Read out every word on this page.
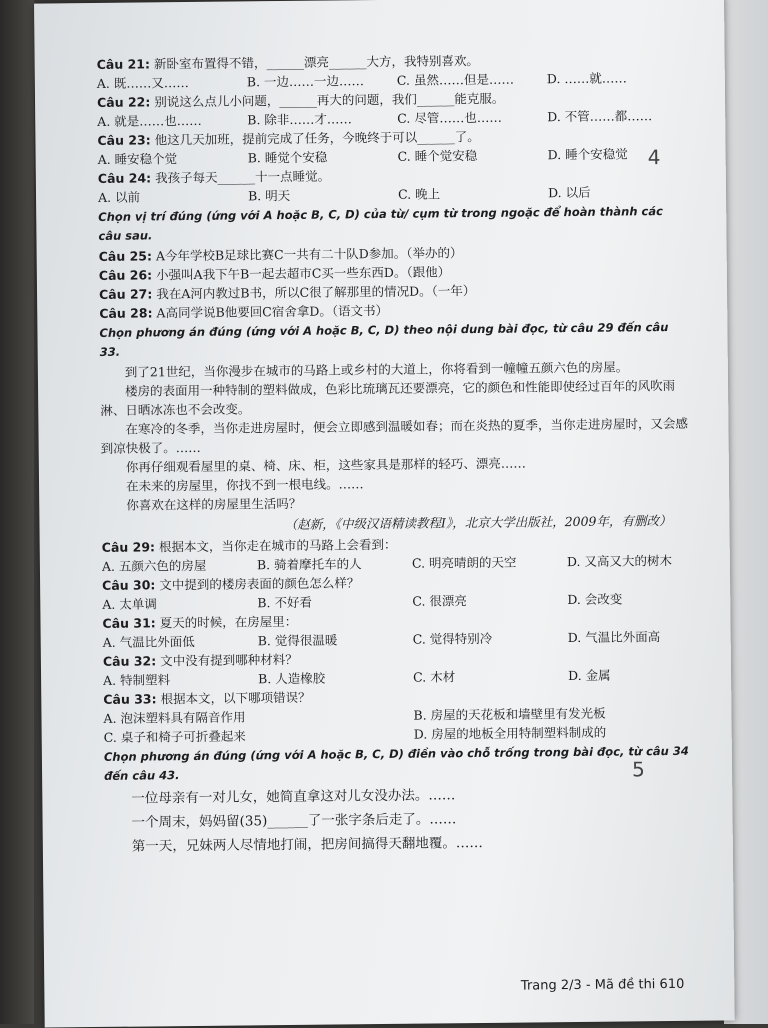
Câu 21: 新卧室布置得不错，______漂亮______大方，我特别喜欢。
A. 既……又……	B. 一边……一边……	C. 虽然……但是……	D. ……就……
Câu 22: 别说这么点儿小问题，______再大的问题，我们______能克服。
A. 就是……也……	B. 除非……才……	C. 尽管……也……	D. 不管……都……
Câu 23: 他这几天加班，提前完成了任务，今晚终于可以______了。
A. 睡安稳个觉	B. 睡觉个安稳	C. 睡个觉安稳	D. 睡个安稳觉
Câu 24: 我孩子每天______十一点睡觉。
A. 以前	B. 明天	C. 晚上	D. 以后
Chọn vị trí đúng (ứng với A hoặc B, C, D) của từ/ cụm từ trong ngoặc để hoàn thành các câu sau.
Câu 25: A今年学校B足球比赛C一共有二十队D参加。（举办的）
Câu 26: 小强叫A我下午B一起去超市C买一些东西D。（跟他）
Câu 27: 我在A河内教过B书，所以C很了解那里的情况D。（一年）
Câu 28: A高同学说B他要回C宿舍拿D。（语文书）
Chọn phương án đúng (ứng với A hoặc B, C, D) theo nội dung bài đọc, từ câu 29 đến câu 33.

到了21世纪，当你漫步在城市的马路上或乡村的大道上，你将看到一幢幢五颜六色的房屋。

楼房的表面用一种特制的塑料做成，色彩比琉璃瓦还要漂亮，它的颜色和性能即使经过百年的风吹雨淋、日晒冰冻也不会改变。

在寒冷的冬季，当你走进房屋时，便会立即感到温暖如春；而在炎热的夏季，当你走进房屋时，又会感到凉快极了。……

你再仔细观看屋里的桌、椅、床、柜，这些家具是那样的轻巧、漂亮……

在未来的房屋里，你找不到一根电线。……

你喜欢在这样的房屋里生活吗？

（赵新，《中级汉语精读教程I》，北京大学出版社，2009年，有删改）
Câu 29: 根据本文，当你走在城市的马路上会看到：
A. 五颜六色的房屋	B. 骑着摩托车的人	C. 明亮晴朗的天空	D. 又高又大的树木
Câu 30: 文中提到的楼房表面的颜色怎么样？
A. 太单调	B. 不好看	C. 很漂亮	D. 会改变
Câu 31: 夏天的时候，在房屋里：
A. 气温比外面低	B. 觉得很温暖	C. 觉得特别冷	D. 气温比外面高
Câu 32: 文中没有提到哪种材料？
A. 特制塑料	B. 人造橡胶	C. 木材	D. 金属
Câu 33: 根据本文，以下哪项错误？
A. 泡沫塑料具有隔音作用	B. 房屋的天花板和墙壁里有发光板
C. 桌子和椅子可折叠起来	D. 房屋的地板全用特制塑料制成的
Chọn phương án đúng (ứng với A hoặc B, C, D) điền vào chỗ trống trong bài đọc, từ câu 34 đến câu 43.

一位母亲有一对儿女，她简直拿这对儿女没办法。……

一个周末，妈妈留(35)______了一张字条后走了。……

第一天，兄妹两人尽情地打闹，把房间搞得天翻地覆。……

4
5
Trang 2/3 - Mã đề thi 610
